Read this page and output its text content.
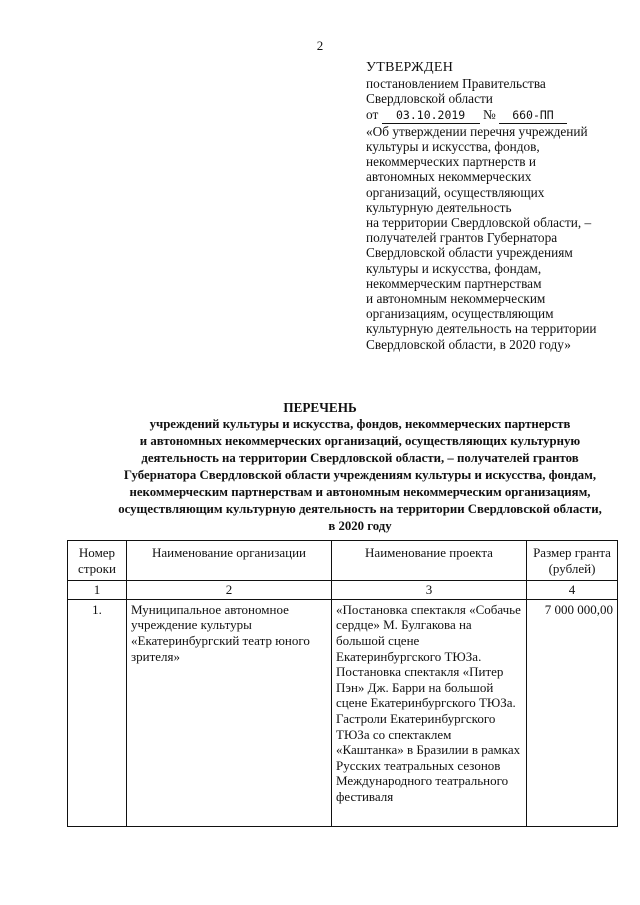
2
УТВЕРЖДЕН
постановлением Правительства
Свердловской области
от 03.10.2019 № 660-ПП
«Об утверждении перечня учреждений
культуры и искусства, фондов,
некоммерческих партнерств и
автономных некоммерческих
организаций, осуществляющих
культурную деятельность
на территории Свердловской области, –
получателей грантов Губернатора
Свердловской области учреждениям
культуры и искусства, фондам,
некоммерческим партнерствам
и автономным некоммерческим
организациям, осуществляющим
культурную деятельность на территории
Свердловской области, в 2020 году»
ПЕРЕЧЕНЬ
учреждений культуры и искусства, фондов, некоммерческих партнерств
и автономных некоммерческих организаций, осуществляющих культурную
деятельность на территории Свердловской области, – получателей грантов
Губернатора Свердловской области учреждениям культуры и искусства, фондам,
некоммерческим партнерствам и автономным некоммерческим организациям,
осуществляющим культурную деятельность на территории Свердловской области,
в 2020 году
Номер строки	Наименование организации	Наименование проекта	Размер гранта (рублей)
1	2	3	4
1.	Муниципальное автономное учреждение культуры «Екатеринбургский театр юного зрителя»	«Постановка спектакля «Собачье сердце» М. Булгакова на большой сцене Екатеринбургского ТЮЗа. Постановка спектакля «Питер Пэн» Дж. Барри на большой сцене Екатеринбургского ТЮЗа. Гастроли Екатеринбургского ТЮЗа со спектаклем «Каштанка» в Бразилии в рамках Русских театральных сезонов Международного театрального фестиваля	7 000 000,00
